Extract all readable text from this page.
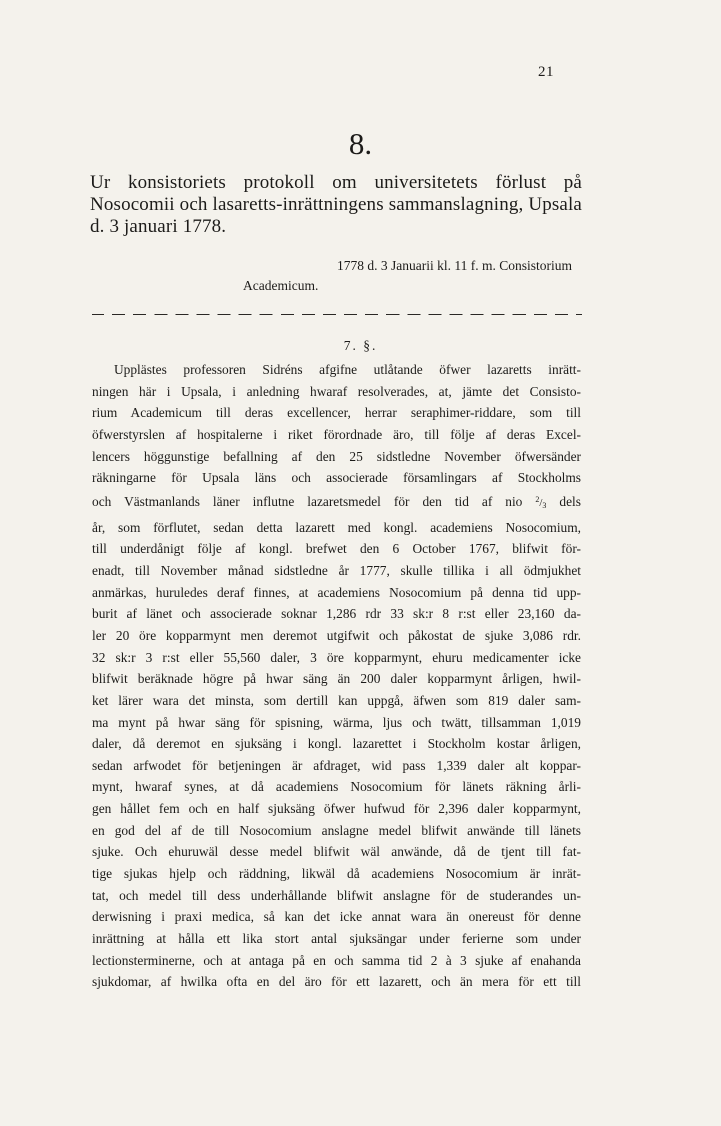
21
8.
Ur konsistoriets protokoll om universitetets förlust på Nosocomii och lasaretts-inrättningens sammanslagning, Upsala d. 3 januari 1778.
1778 d. 3 Januarii kl. 11 f. m. Consistorium
Academicum.
7. §.
Upplästes professoren Sidréns afgifne utlåtande öfwer lazaretts inrätt-
ningen här i Upsala, i anledning hwaraf resolverades, at, jämte det Consisto-
rium Academicum till deras excellencer, herrar seraphimer-riddare, som till
öfwerstyrslen af hospitalerne i riket förordnade äro, till följe af deras Excel-
lencers höggunstige befallning af den 25 sidstledne November öfwersänder
räkningarne för Upsala läns och associerade församlingars af Stockholms
och Västmanlands läner influtne lazaretsmedel för den tid af nio $^2/_3$ dels
år, som förflutet, sedan detta lazarett med kongl. academiens Nosocomium,
till underdånigt följe af kongl. brefwet den 6 October 1767, blifwit för-
enadt, till November månad sidstledne år 1777, skulle tillika i all ödmjukhet
anmärkas, huruledes deraf finnes, at academiens Nosocomium på denna tid upp-
burit af länet och associerade soknar 1,286 rdr 33 sk:r 8 r:st eller 23,160 da-
ler 20 öre kopparmynt men deremot utgifwit och påkostat de sjuke 3,086 rdr.
32 sk:r 3 r:st eller 55,560 daler, 3 öre kopparmynt, ehuru medicamenter icke
blifwit beräknade högre på hwar säng än 200 daler kopparmynt årligen, hwil-
ket lärer wara det minsta, som dertill kan uppgå, äfwen som 819 daler sam-
ma mynt på hwar säng för spisning, wärma, ljus och twätt, tillsamman 1,019
daler, då deremot en sjuksäng i kongl. lazarettet i Stockholm kostar årligen,
sedan arfwodet för betjeningen är afdraget, wid pass 1,339 daler alt koppar-
mynt, hwaraf synes, at då academiens Nosocomium för länets räkning årli-
gen hållet fem och en half sjuksäng öfwer hufwud för 2,396 daler kopparmynt,
en god del af de till Nosocomium anslagne medel blifwit anwände till länets
sjuke. Och ehuruwäl desse medel blifwit wäl anwände, då de tjent till fat-
tige sjukas hjelp och räddning, likwäl då academiens Nosocomium är inrät-
tat, och medel till dess underhållande blifwit anslagne för de studerandes un-
derwisning i praxi medica, så kan det icke annat wara än onereust för denne
inrättning at hålla ett lika stort antal sjuksängar under ferierne som under
lectionsterminerne, och at antaga på en och samma tid 2 à 3 sjuke af enahanda
sjukdomar, af hwilka ofta en del äro för ett lazarett, och än mera för ett till
